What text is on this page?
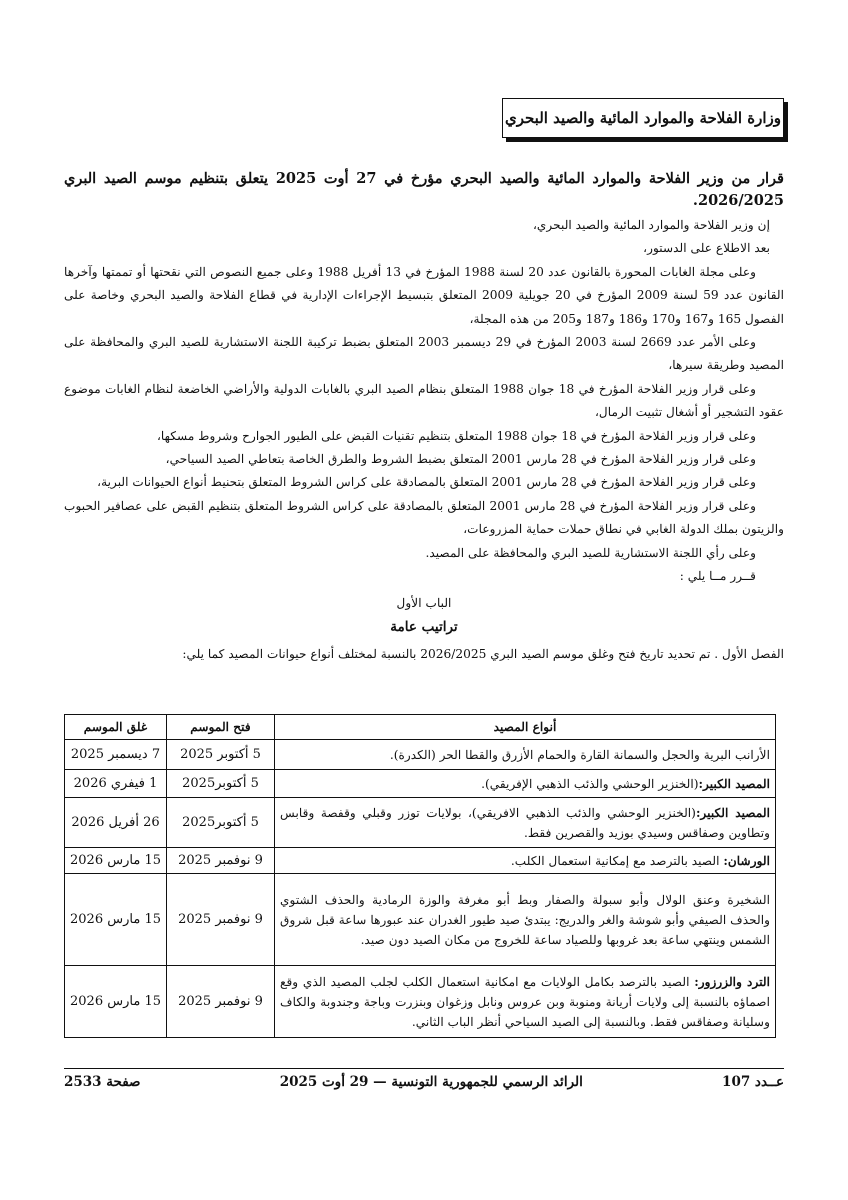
وزارة الفلاحة والموارد المائية والصيد البحري
قرار من وزير الفلاحة والموارد المائية والصيد البحري مؤرخ في 27 أوت 2025 يتعلق بتنظيم موسم الصيد البري 2026/2025.

إن وزير الفلاحة والموارد المائية والصيد البحري،

بعد الاطلاع على الدستور،

وعلى مجلة الغابات المحورة بالقانون عدد 20 لسنة 1988 المؤرخ في 13 أفريل 1988 وعلى جميع النصوص التي نقحتها أو تممتها وآخرها القانون عدد 59 لسنة 2009 المؤرخ في 20 جويلية 2009 المتعلق بتبسيط الإجراءات الإدارية في قطاع الفلاحة والصيد البحري وخاصة على الفصول 165 و167 و170 و186 و187 و205 من هذه المجلة،

وعلى الأمر عدد 2669 لسنة 2003 المؤرخ في 29 ديسمبر 2003 المتعلق بضبط تركيبة اللجنة الاستشارية للصيد البري والمحافظة على المصيد وطريقة سيرها،

وعلى قرار وزير الفلاحة المؤرخ في 18 جوان 1988 المتعلق بنظام الصيد البري بالغابات الدولية والأراضي الخاضعة لنظام الغابات موضوع عقود التشجير أو أشغال تثبيت الرمال،

وعلى قرار وزير الفلاحة المؤرخ في 18 جوان 1988 المتعلق بتنظيم تقنيات القبض على الطيور الجوارح وشروط مسكها،

وعلى قرار وزير الفلاحة المؤرخ في 28 مارس 2001 المتعلق بضبط الشروط والطرق الخاصة بتعاطي الصيد السياحي،

وعلى قرار وزير الفلاحة المؤرخ في 28 مارس 2001 المتعلق بالمصادقة على كراس الشروط المتعلق بتحنيط أنواع الحيوانات البرية،

وعلى قرار وزير الفلاحة المؤرخ في 28 مارس 2001 المتعلق بالمصادقة على كراس الشروط المتعلق بتنظيم القبض على عصافير الحبوب والزيتون بملك الدولة الغابي في نطاق حملات حماية المزروعات،

وعلى رأي اللجنة الاستشارية للصيد البري والمحافظة على المصيد.

قــرر مــا يلي :

الباب الأول
تراتيب عامة

الفصل الأول . تم تحديد تاريخ فتح وغلق موسم الصيد البري 2026/2025 بالنسبة لمختلف أنواع حيوانات المصيد كما يلي:

أنواع المصيد	فتح الموسم	غلق الموسم
الأرانب البرية والحجل والسمانة القارة والحمام الأزرق والقطا الحر (الكدرة).	5 أكتوبر 2025	7 ديسمبر 2025
المصيد الكبير:(الخنزير الوحشي والذئب الذهبي الإفريقي).	5 أكتوبر2025	1 فيفري 2026
المصيد الكبير:(الخنزير الوحشي والذئب الذهبي الافريقي)، بولايات توزر وقبلي وقفصة وقابس وتطاوين وصفاقس وسيدي بوزيد والقصرين فقط.	5 أكتوبر2025	26 أفريل 2026
الورشان: الصيد بالترصد مع إمكانية استعمال الكلب.	9 نوفمبر 2025	15 مارس 2026
الشخيرة وعنق الولال وأبو سبولة والصفار وبط أبو مغرفة والوزة الرمادية والحذف الشتوي والحذف الصيفي وأبو شوشة والغر والدريج: يبتدئ صيد طيور الغدران عند عبورها ساعة قبل شروق الشمس وينتهي ساعة بعد غروبها وللصياد ساعة للخروج من مكان الصيد دون صيد.	9 نوفمبر 2025	15 مارس 2026
الترد والزرزور: الصيد بالترصد بكامل الولايات مع امكانية استعمال الكلب لجلب المصيد الذي وقع اصماؤه بالنسبة إلى ولايات أريانة ومنوبة وبن عروس ونابل وزغوان وبنزرت وباجة وجندوبة والكاف وسليانة وصفاقس فقط. وبالنسبة إلى الصيد السياحي أنظر الباب الثاني.	9 نوفمبر 2025	15 مارس 2026
عــدد 107
الرائد الرسمي للجمهورية التونسية — 29 أوت 2025
صفحة 2533
